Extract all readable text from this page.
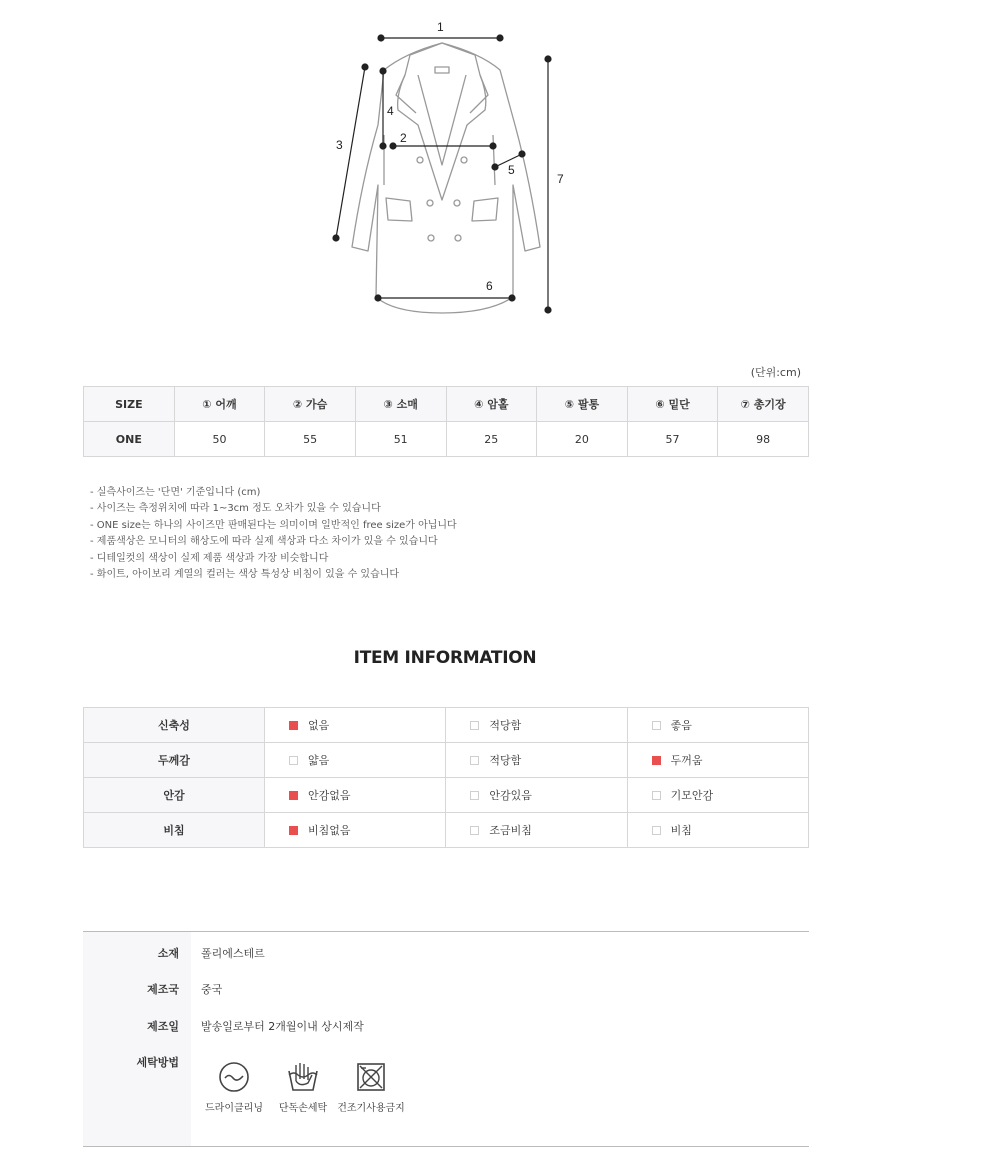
1
2
3
4
5
6
7
(단위:cm)
SIZE	① 어깨	② 가슴	③ 소매	④ 암홀	⑤ 팔통	⑥ 밑단	⑦ 총기장
ONE	50	55	51	25	20	57	98
- 실측사이즈는 '단면' 기준입니다 (cm)
- 사이즈는 측정위치에 따라 1~3cm 정도 오차가 있을 수 있습니다
- ONE size는 하나의 사이즈만 판매된다는 의미이며 일반적인 free size가 아닙니다
- 제품색상은 모니터의 해상도에 따라 실제 색상과 다소 차이가 있을 수 있습니다
- 디테일컷의 색상이 실제 제품 색상과 가장 비슷합니다
- 화이트, 아이보리 계열의 컬러는 색상 특성상 비침이 있을 수 있습니다
ITEM INFORMATION
신축성	없음	적당함	좋음

두께감	얇음	적당함	두꺼움

안감	안감없음	안감있음	기모안감

비침	비침없음	조금비침	비침
소재 폴리에스테르
제조국 중국
제조일 발송일로부터 2개월이내 상시제작
세탁방법
드라이클리닝	단독손세탁	건조기사용금지
